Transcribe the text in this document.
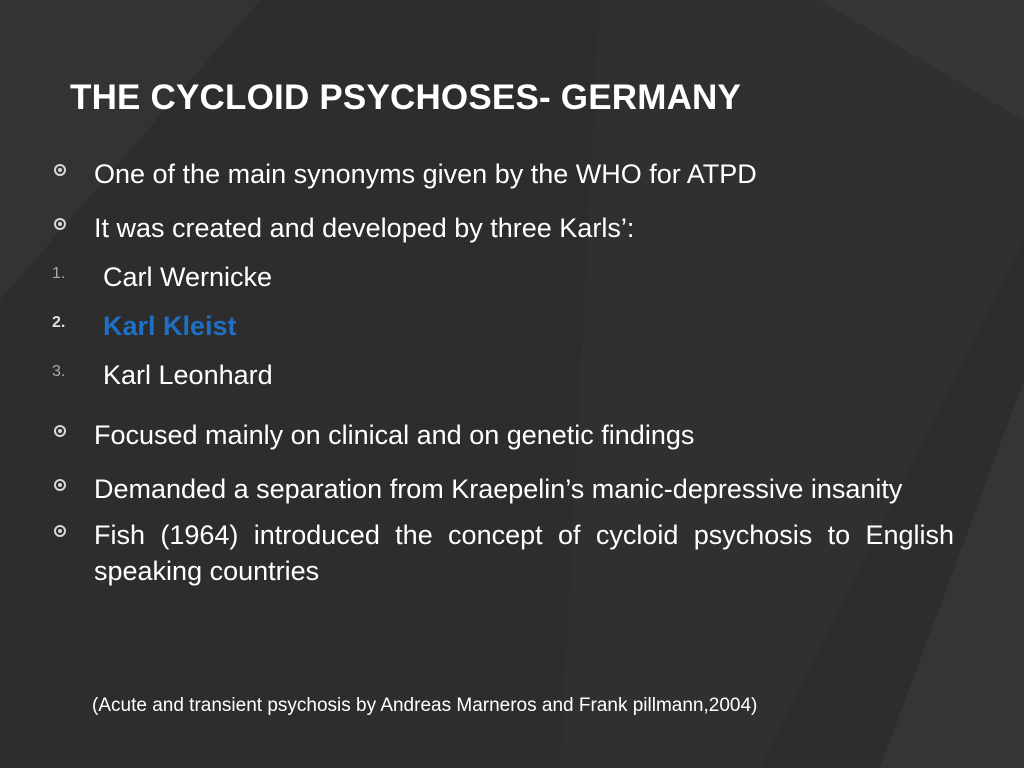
THE CYCLOID PSYCHOSES- GERMANY
One of the main synonyms given by the WHO for ATPD
It was created and developed by three Karls’:
1.	Carl Wernicke
2.	Karl Kleist
3.	Karl Leonhard
Focused mainly on clinical and on genetic findings
Demanded a separation from Kraepelin’s manic-depressive insanity
Fish (1964) introduced the concept of cycloid psychosis to English speaking countries
(Acute and transient psychosis by Andreas Marneros and Frank pillmann,2004)
